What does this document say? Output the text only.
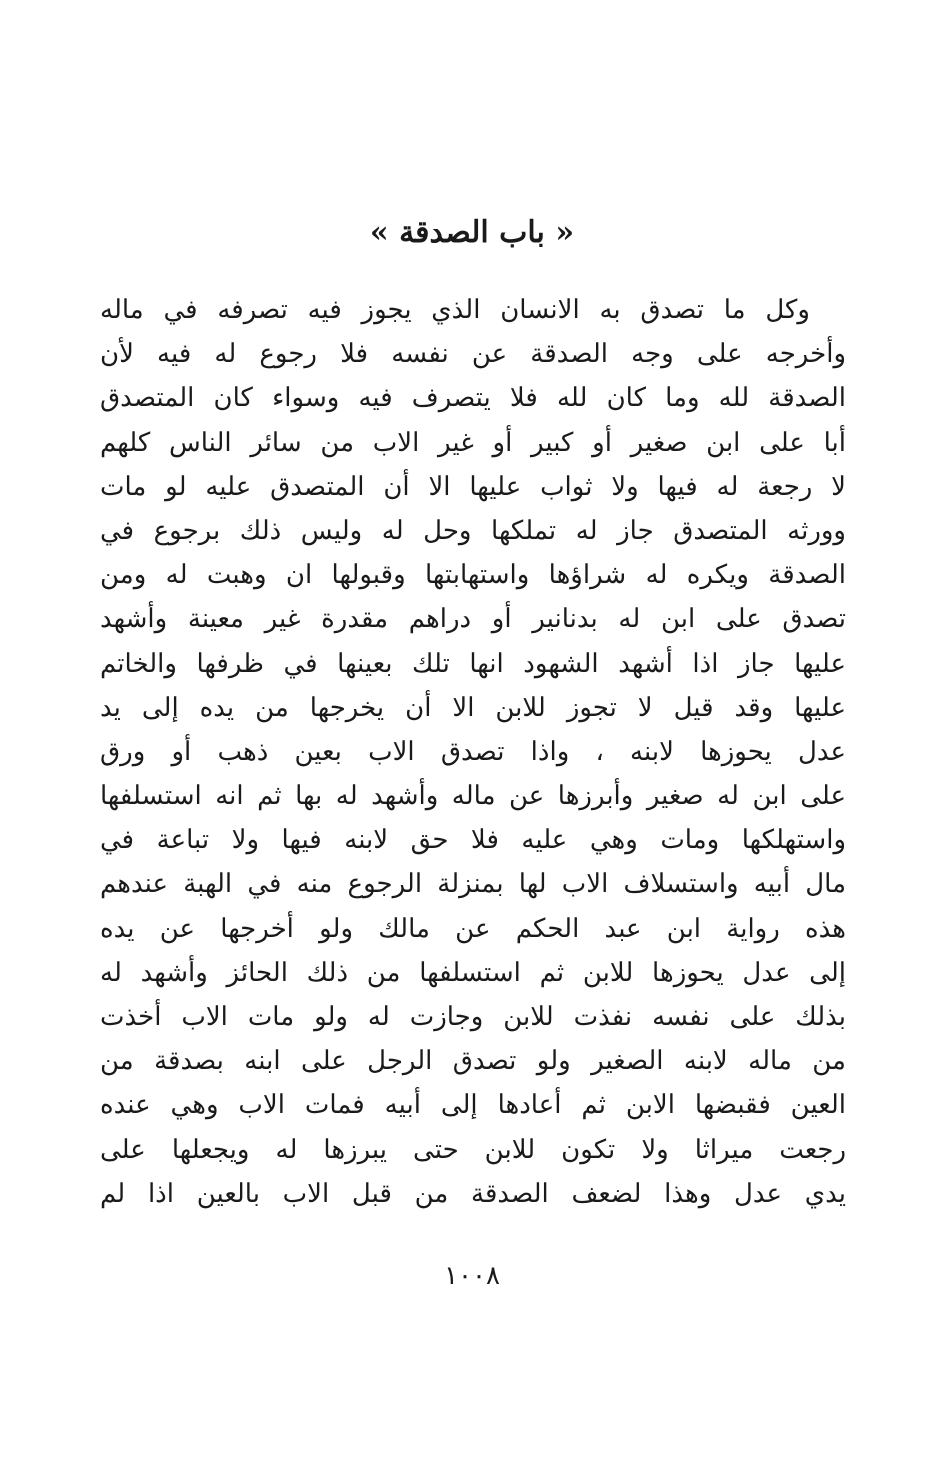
« باب الصدقة »
وكل ما تصدق به الانسان الذي يجوز فيه تصرفه في ماله
وأخرجه على وجه الصدقة عن نفسه فلا رجوع له فيه لأن
الصدقة لله وما كان لله فلا يتصرف فيه وسواء كان المتصدق
أبا على ابن صغير أو كبير أو غير الاب من سائر الناس كلهم
لا رجعة له فيها ولا ثواب عليها الا أن المتصدق عليه لو مات
وورثه المتصدق جاز له تملكها وحل له وليس ذلك برجوع في
الصدقة ويكره له شراؤها واستهابتها وقبولها ان وهبت له ومن
تصدق على ابن له بدنانير أو دراهم مقدرة غير معينة وأشهد
عليها جاز اذا أشهد الشهود انها تلك بعينها في ظرفها والخاتم
عليها وقد قيل لا تجوز للابن الا أن يخرجها من يده إلى يد
عدل يحوزها لابنه ، واذا تصدق الاب بعين ذهب أو ورق
على ابن له صغير وأبرزها عن ماله وأشهد له بها ثم انه استسلفها
واستهلكها ومات وهي عليه فلا حق لابنه فيها ولا تباعة في
مال أبيه واستسلاف الاب لها بمنزلة الرجوع منه في الهبة عندهم
هذه رواية ابن عبد الحكم عن مالك ولو أخرجها عن يده
إلى عدل يحوزها للابن ثم استسلفها من ذلك الحائز وأشهد له
بذلك على نفسه نفذت للابن وجازت له ولو مات الاب أخذت
من ماله لابنه الصغير ولو تصدق الرجل على ابنه بصدقة من
العين فقبضها الابن ثم أعادها إلى أبيه فمات الاب وهي عنده
رجعت ميراثا ولا تكون للابن حتى يبرزها له ويجعلها على
يدي عدل وهذا لضعف الصدقة من قبل الاب بالعين اذا لم
١٠٠٨
